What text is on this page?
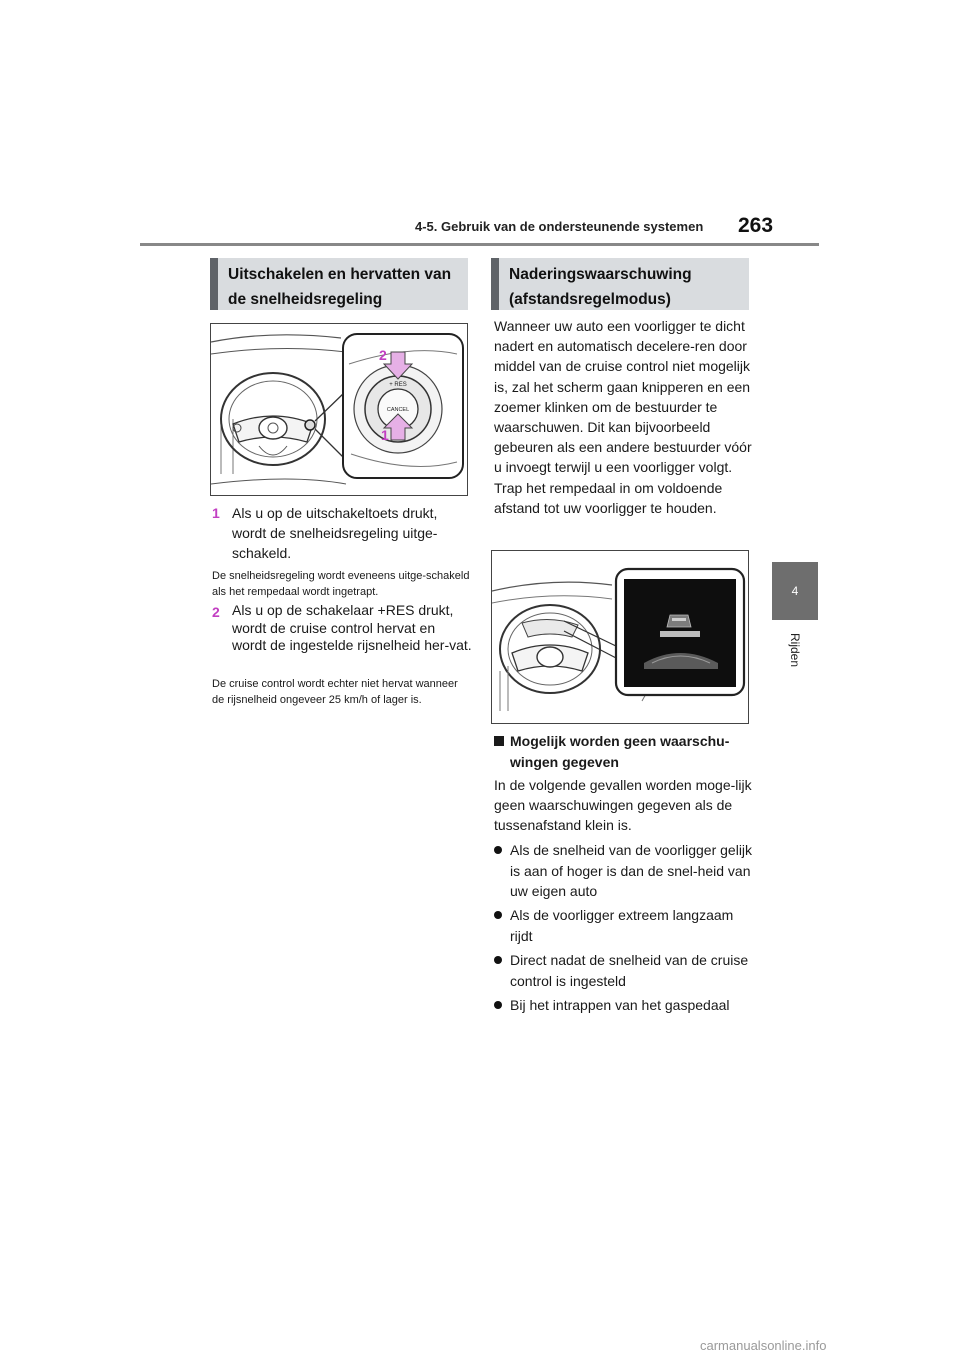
4-5. Gebruik van de ondersteunende systemen 263
4
Rijden
Uitschakelen en hervatten van de snelheidsregeling
+ RES
CANCEL
2
1
1 Als u op de uitschakeltoets drukt, wordt de snelheidsregeling uitge-schakeld.
De snelheidsregeling wordt eveneens uitge-schakeld als het rempedaal wordt ingetrapt.
2 Als u op de schakelaar +RES drukt, wordt de cruise control hervat en wordt de ingestelde rijsnelheid her-vat.
De cruise control wordt echter niet hervat wanneer de rijsnelheid ongeveer 25 km/h of lager is.
Naderingswaarschuwing (afstandsregelmodus)
Wanneer uw auto een voorligger te dicht nadert en automatisch decelere-ren door middel van de cruise control niet mogelijk is, zal het scherm gaan knipperen en een zoemer klinken om de bestuurder te waarschuwen. Dit kan bijvoorbeeld gebeuren als een andere bestuurder vóór u invoegt terwijl u een voorligger volgt. Trap het rempedaal in om voldoende afstand tot uw voorligger te houden.
Mogelijk worden geen waarschu-wingen gegeven
In de volgende gevallen worden moge-lijk geen waarschuwingen gegeven als de tussenafstand klein is.
Als de snelheid van de voorligger gelijk is aan of hoger is dan de snel-heid van uw eigen auto
Als de voorligger extreem langzaam rijdt
Direct nadat de snelheid van de cruise control is ingesteld
Bij het intrappen van het gaspedaal
carmanualsonline.info
